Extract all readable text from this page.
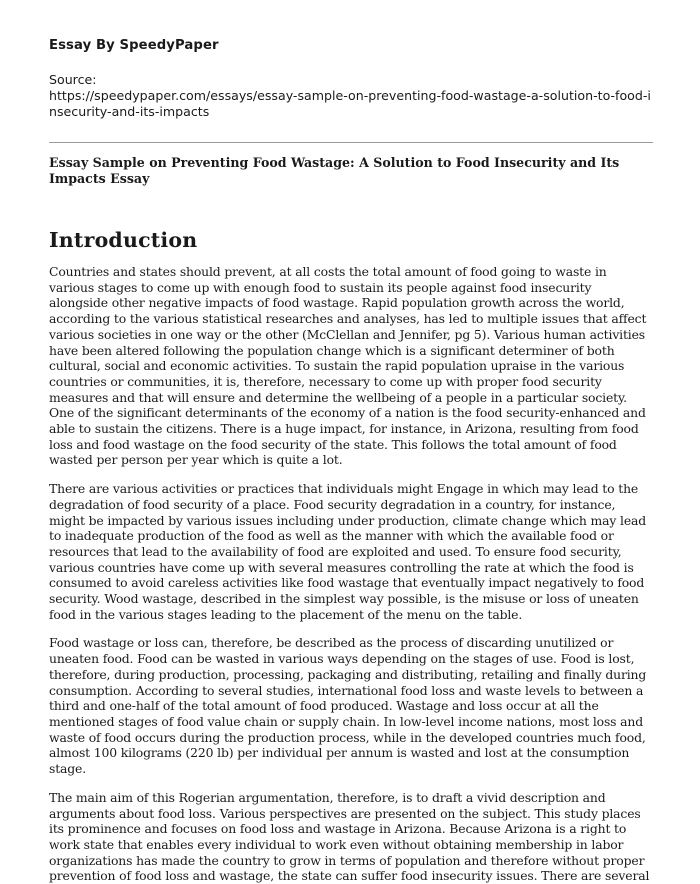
Essay By SpeedyPaper
Source:
https://speedypaper.com/essays/essay-sample-on-preventing-food-wastage-a-solution-to-food-insecurity-and-its-impacts
Essay Sample on Preventing Food Wastage: A Solution to Food Insecurity and Its Impacts Essay
Introduction

Countries and states should prevent, at all costs the total amount of food going to waste in various stages to come up with enough food to sustain its people against food insecurity alongside other negative impacts of food wastage. Rapid population growth across the world, according to the various statistical researches and analyses, has led to multiple issues that affect various societies in one way or the other (McClellan and Jennifer, pg 5). Various human activities have been altered following the population change which is a significant determiner of both cultural, social and economic activities. To sustain the rapid population upraise in the various countries or communities, it is, therefore, necessary to come up with proper food security measures and that will ensure and determine the wellbeing of a people in a particular society. One of the significant determinants of the economy of a nation is the food security-enhanced and able to sustain the citizens. There is a huge impact, for instance, in Arizona, resulting from food loss and food wastage on the food security of the state. This follows the total amount of food wasted per person per year which is quite a lot.

There are various activities or practices that individuals might Engage in which may lead to the degradation of food security of a place. Food security degradation in a country, for instance, might be impacted by various issues including under production, climate change which may lead to inadequate production of the food as well as the manner with which the available food or resources that lead to the availability of food are exploited and used. To ensure food security, various countries have come up with several measures controlling the rate at which the food is consumed to avoid careless activities like food wastage that eventually impact negatively to food security. Wood wastage, described in the simplest way possible, is the misuse or loss of uneaten food in the various stages leading to the placement of the menu on the table.

Food wastage or loss can, therefore, be described as the process of discarding unutilized or uneaten food. Food can be wasted in various ways depending on the stages of use. Food is lost, therefore, during production, processing, packaging and distributing, retailing and finally during consumption. According to several studies, international food loss and waste levels to between a third and one-half of the total amount of food produced. Wastage and loss occur at all the mentioned stages of food value chain or supply chain. In low-level income nations, most loss and waste of food occurs during the production process, while in the developed countries much food, almost 100 kilograms (220 lb) per individual per annum is wasted and lost at the consumption stage.

The main aim of this Rogerian argumentation, therefore, is to draft a vivid description and arguments about food loss. Various perspectives are presented on the subject. This study places its prominence and focuses on food loss and wastage in Arizona. Because Arizona is a right to work state that enables every individual to work even without obtaining membership in labor organizations has made the country to grow in terms of population and therefore without proper prevention of food loss and wastage, the state can suffer food insecurity issues. There are several
